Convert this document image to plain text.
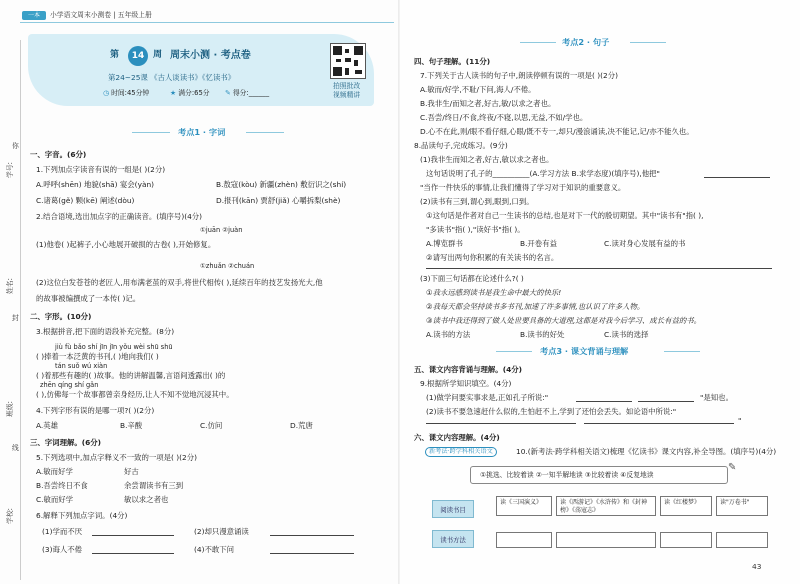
一本	小学语文周末小测卷 | 五年级上册
第	14 周 周末小测 · 考点卷
第24~25课 《古人谈读书》《忆读书》
◷ 时间:45分钟	★ 满分:65分 ✎ 得分:______
拍照批改
视频精讲
你
学号:
姓名:
封
班级:
线
学校:
考点1 · 字词
一、字音。(6分)
1.下列加点字读音有误的一组是( )(2分)
A.呼呼(shēn) 地貌(shā) 宴会(yàn)	B.敖寇(kòu) 新疆(zhèn) 敷衍识之(shí)
C.诸葛(gě) 颗(kē) 阐述(dòu)	D.报刊(kān) 贾舒(jiǎ) 心嚼拆梨(shè)
2.结合语境,选出加点字的正确读音。(填序号)(4分)
①juān ②juàn
(1)他卷( )起裤子,小心地展开破损的古卷( ),开始修复。
①zhuǎn ②chuán
(2)这位白发苍苍的老匠人,用布满老茧的双手,将世代相传( ),延续百年的技艺发扬光大,他
的故事被编撰成了一本传( )记。
二、字形。(10分)
3.根据拼音,把下面的语段补充完整。(8分)
jiù fù bǎo shí jīn jīn yǒu wèi shū shū
( )捧着一本泛黄的书刊,( )地向我们( )
tán suǒ wú xiàn
( )着那些有趣的( )故事。他的讲解温馨,言语间透露出( )的
zhēn qíng shí gǎn
( ),仿佛每一个故事都曾亲身经历,让人不知不觉地沉浸其中。
4.下列字形有误的是哪一项?( )(2分)
A.英雄	B.辛酸	C.仿问	D.荒唐
三、字词理解。(6分)
5.下列选项中,加点字释义不一致的一项是( )(2分)
A.敏而好学	好古
B.吾尝终日不食	余尝谓读书有三到
C.敏而好学	敏以求之者也
6.解释下列加点字词。(4分)
(1)学而不厌	(2)却只漫意诵读
(3)诲人不倦	(4)不敢下问
考点2 · 句子
四、句子理解。(11分)
7.下列关于古人读书的句子中,朗读停顿有误的一项是( )(2分)
A.敏而/好学,不耻/下问,海人/不倦。
B.我非生/而知之者,好古,敏/以求之者也。
C.吾尝/终日/不食,终夜/不寝,以思,无益,不如/学也。
D.心不在此,则/眼不看仔细,心眼/既不专一,却只/漫浪诵读,决不能记,记/亦不能久也。
8.品读句子,完成练习。(9分)
(1)我非生而知之者,好古,敏以求之者也。
这句话说明了孔子的__________(A.学习方法 B.求学态度)(填序号),他把"
"当作一件快乐的事情,让我们懂得了学习对于知识的重要意义。
(2)读书有三到,谓心到,眼到,口到。
①这句话是作者对自己一生读书的总结,也是对下一代的殷切期望。其中"读书有"指( ),
"多读书"指( ),"读好书"指( )。
A.博览群书	B.开卷有益	C.读对身心发展有益的书
②请写出两句你积累的有关读书的名言。
(3)下面三句话都在论述什么?( )
①我永远感到读书是我生命中最大的快乐!
②我每天都会坚持读书多书刊,加速了许多事情,也认识了许多人物。
③读书中我还得到了做人处世要具备的大道理,这都是对我今后学习、成长有益的书。
A.读书的方法	B.读书的好处	C.读书的选择
考点3 · 课文背诵与理解
五、课文内容背诵与理解。(4分)
9.根据所学知识填空。(4分)
(1)做学问要实事求是,正如孔子所说:"	"是知也。
(2)读书不要急速赶什么似的,生怕赶不上,学到了还怕会丢失。如论语中所说:"
"
六、课文内容理解。(4分)
新考法·跨学科相关语文	10.(新考法·跨学科相关语文)梳理《忆读书》课文内容,补全导图。(填序号)(4分)
①挑选、比较着读 ②一知半解地读 ③比较着读 ④反复地读
✎
阅读书目
读书方法
读《三国演义》	读《西游记》《水浒传》和《封神榜》《荡寇志》
读《红楼梦》	读"万卷书"
43
